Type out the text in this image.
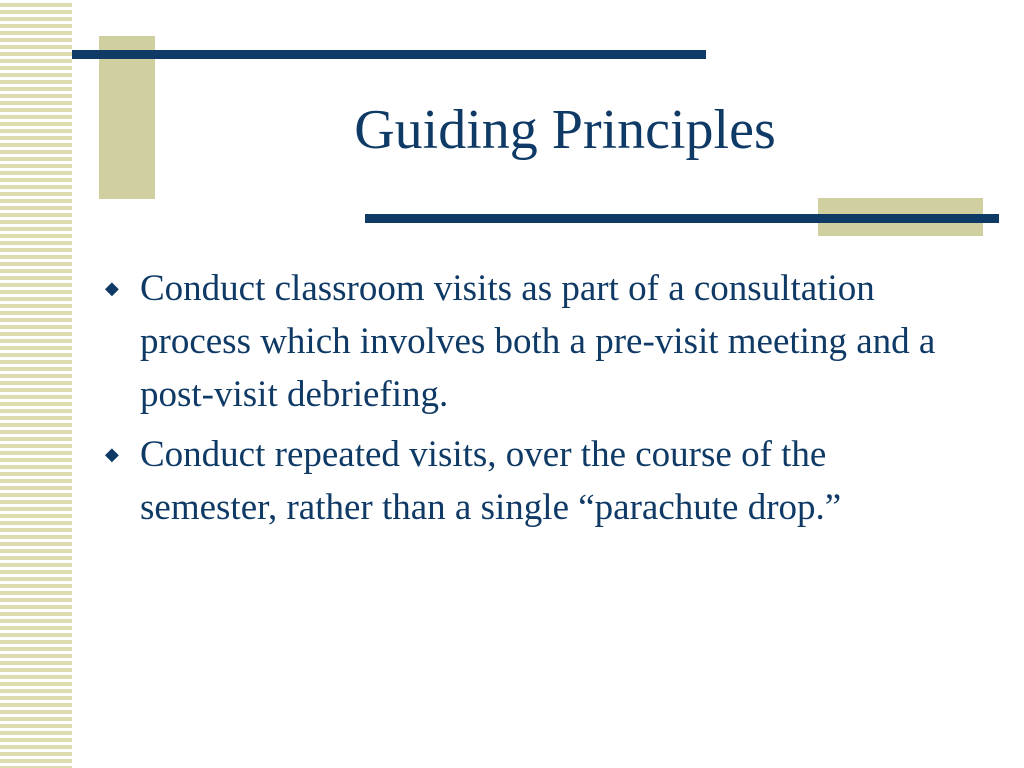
Guiding Principles
◆ Conduct classroom visits as part of a consultation process which involves both a pre-visit meeting and a post-visit debriefing.
◆ Conduct repeated visits, over the course of the semester, rather than a single “parachute drop.”
